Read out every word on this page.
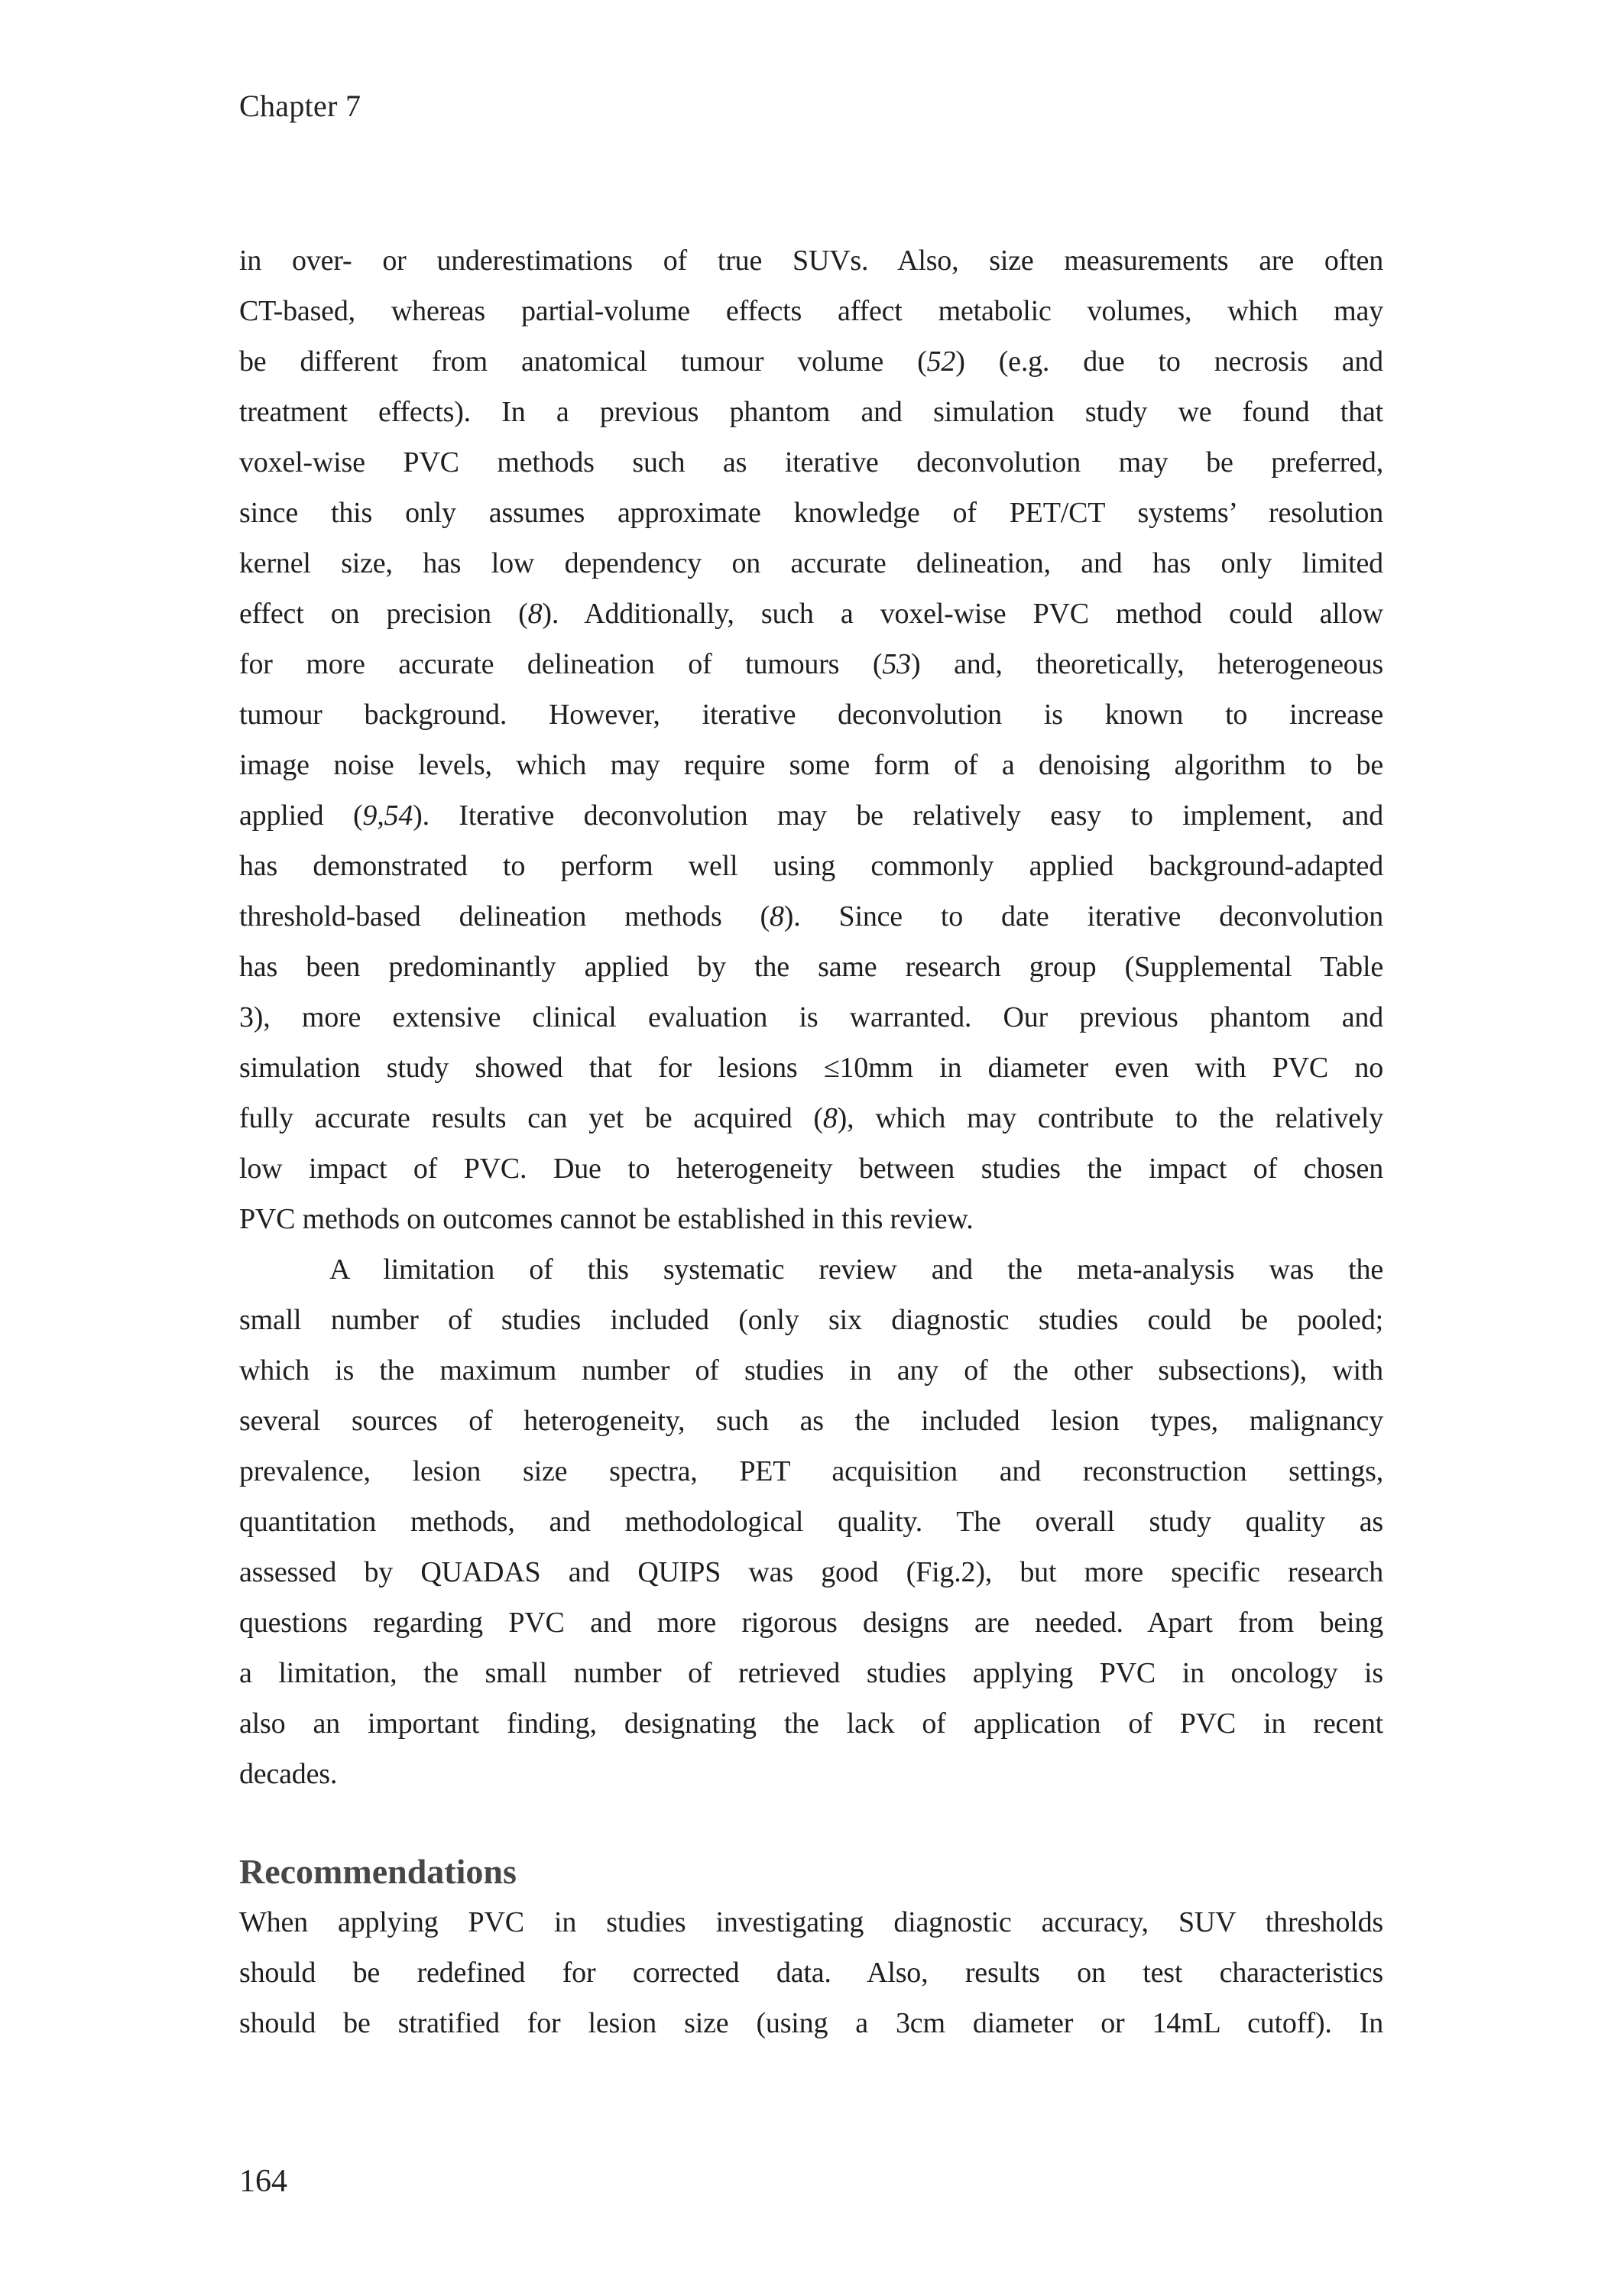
Chapter 7
in over- or underestimations of true SUVs. Also, size measurements are often
CT-based, whereas partial-volume effects affect metabolic volumes, which may
be different from anatomical tumour volume (52) (e.g. due to necrosis and
treatment effects). In a previous phantom and simulation study we found that
voxel-wise PVC methods such as iterative deconvolution may be preferred,
since this only assumes approximate knowledge of PET/CT systems’ resolution
kernel size, has low dependency on accurate delineation, and has only limited
effect on precision (8). Additionally, such a voxel-wise PVC method could allow
for more accurate delineation of tumours (53) and, theoretically, heterogeneous
tumour background. However, iterative deconvolution is known to increase
image noise levels, which may require some form of a denoising algorithm to be
applied (9,54). Iterative deconvolution may be relatively easy to implement, and
has demonstrated to perform well using commonly applied background-adapted
threshold-based delineation methods (8). Since to date iterative deconvolution
has been predominantly applied by the same research group (Supplemental Table
3), more extensive clinical evaluation is warranted. Our previous phantom and
simulation study showed that for lesions ≤10mm in diameter even with PVC no
fully accurate results can yet be acquired (8), which may contribute to the relatively
low impact of PVC. Due to heterogeneity between studies the impact of chosen
PVC methods on outcomes cannot be established in this review.
A limitation of this systematic review and the meta-analysis was the
small number of studies included (only six diagnostic studies could be pooled;
which is the maximum number of studies in any of the other subsections), with
several sources of heterogeneity, such as the included lesion types, malignancy
prevalence, lesion size spectra, PET acquisition and reconstruction settings,
quantitation methods, and methodological quality. The overall study quality as
assessed by QUADAS and QUIPS was good (Fig.2), but more specific research
questions regarding PVC and more rigorous designs are needed. Apart from being
a limitation, the small number of retrieved studies applying PVC in oncology is
also an important finding, designating the lack of application of PVC in recent
decades.
Recommendations
When applying PVC in studies investigating diagnostic accuracy, SUV thresholds
should be redefined for corrected data. Also, results on test characteristics
should be stratified for lesion size (using a 3cm diameter or 14mL cutoff). In
164
